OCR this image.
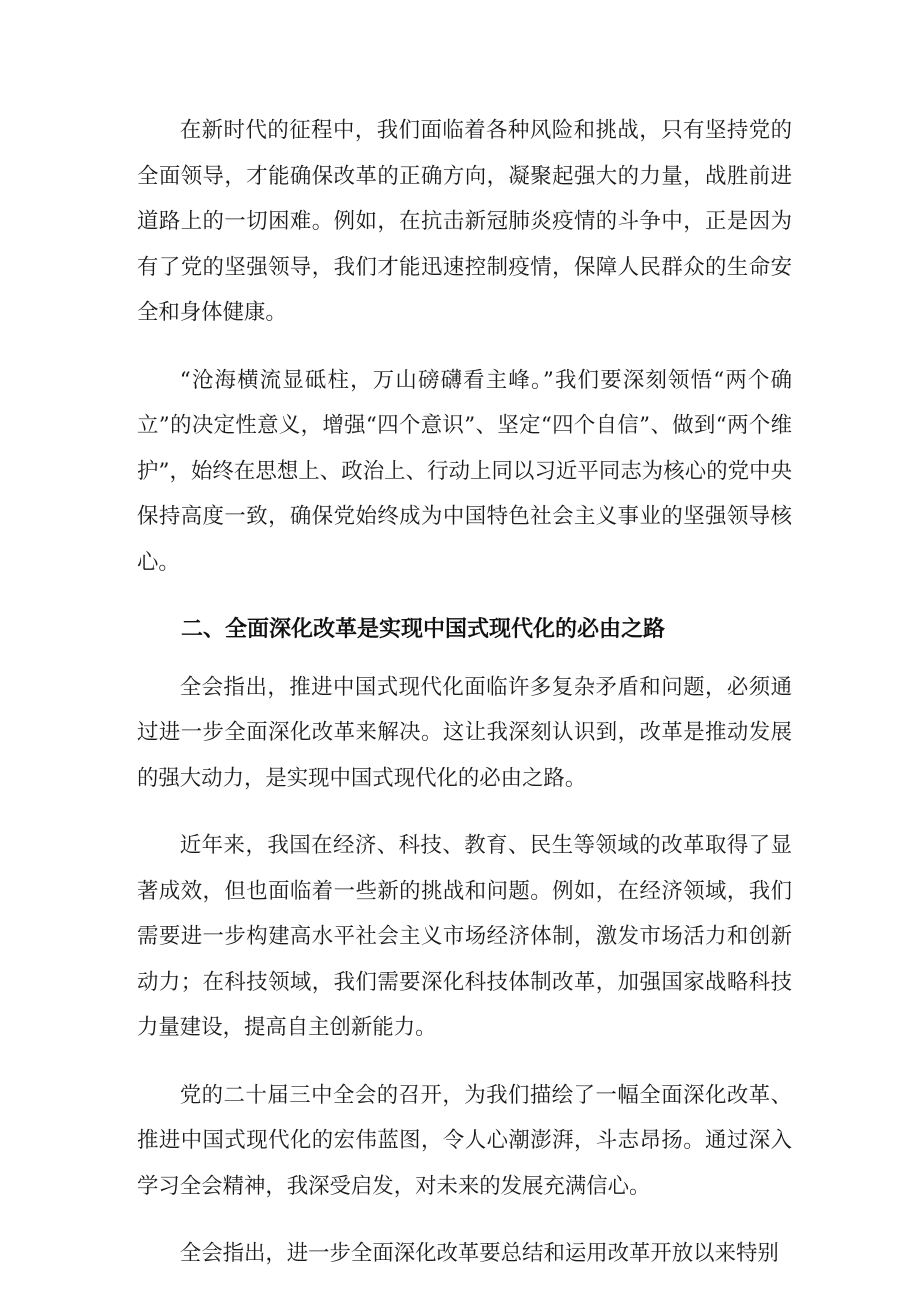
在新时代的征程中，我们面临着各种风险和挑战，只有坚持党的全面领导，才能确保改革的正确方向，凝聚起强大的力量，战胜前进道路上的一切困难。例如，在抗击新冠肺炎疫情的斗争中，正是因为有了党的坚强领导，我们才能迅速控制疫情，保障人民群众的生命安全和身体健康。

“沧海横流显砥柱，万山磅礴看主峰。”我们要深刻领悟“两个确立”的决定性意义，增强“四个意识”、坚定“四个自信”、做到“两个维护”，始终在思想上、政治上、行动上同以习近平同志为核心的党中央保持高度一致，确保党始终成为中国特色社会主义事业的坚强领导核心。

二、全面深化改革是实现中国式现代化的必由之路

全会指出，推进中国式现代化面临许多复杂矛盾和问题，必须通过进一步全面深化改革来解决。这让我深刻认识到，改革是推动发展的强大动力，是实现中国式现代化的必由之路。

近年来，我国在经济、科技、教育、民生等领域的改革取得了显著成效，但也面临着一些新的挑战和问题。例如，在经济领域，我们需要进一步构建高水平社会主义市场经济体制，激发市场活力和创新动力；在科技领域，我们需要深化科技体制改革，加强国家战略科技力量建设，提高自主创新能力。

党的二十届三中全会的召开，为我们描绘了一幅全面深化改革、推进中国式现代化的宏伟蓝图，令人心潮澎湃，斗志昂扬。通过深入学习全会精神，我深受启发，对未来的发展充满信心。

全会指出，进一步全面深化改革要总结和运用改革开放以来特别
